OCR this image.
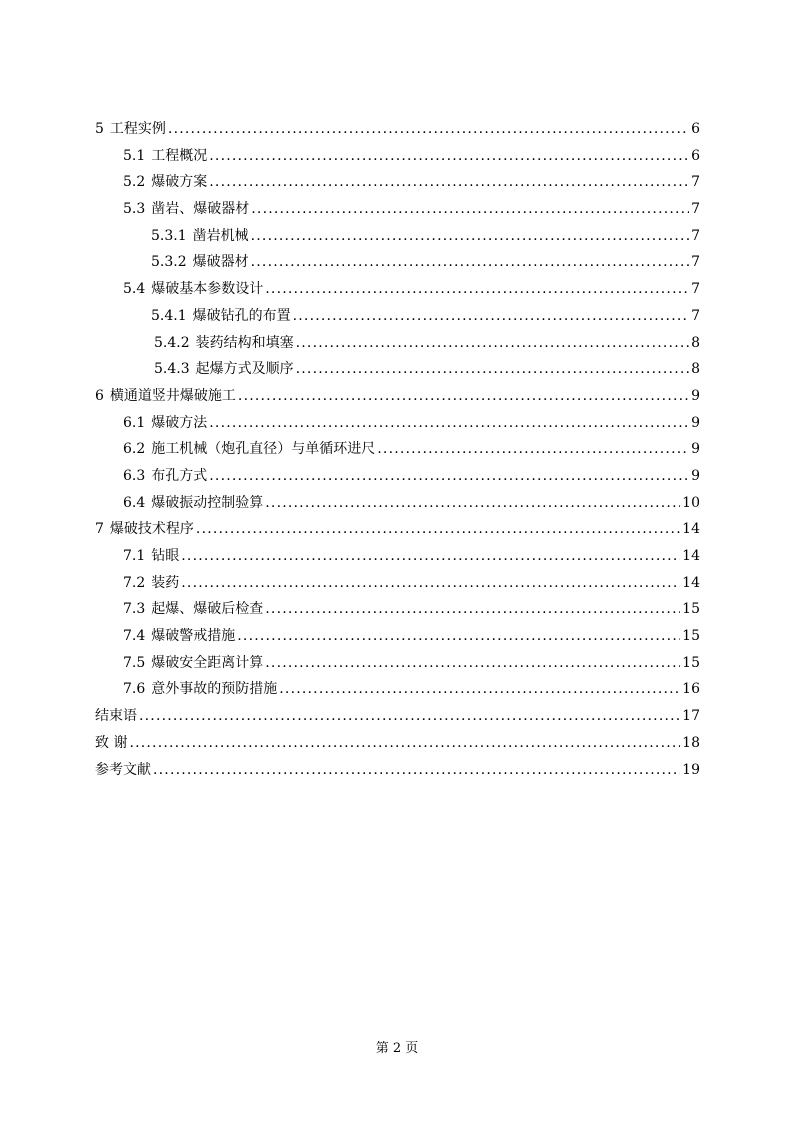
5 工程实例 .....	6
5.1 工程概况 .....	6
5.2 爆破方案 .....	7
5.3 凿岩、爆破器材 .....	7
5.3.1 凿岩机械 .....	7
5.3.2 爆破器材 .....	7
5.4 爆破基本参数设计 .....	7
5.4.1 爆破钻孔的布置 .....	7
5.4.2 装药结构和填塞 .....	8
5.4.3 起爆方式及顺序 .....	8
6 横通道竖井爆破施工 .....	9
6.1 爆破方法 .....	9
6.2 施工机械（炮孔直径）与单循环进尺 .....	9
6.3 布孔方式 .....	9
6.4 爆破振动控制验算 .....	10
7 爆破技术程序 .....	14
7.1 钻眼 .....	14
7.2 装药 .....	14
7.3 起爆、爆破后检查 .....	15
7.4 爆破警戒措施 .....	15
7.5 爆破安全距离计算 .....	15
7.6 意外事故的预防措施 .....	16
结束语 .....	17
致 谢 .....	18
参考文献 .....	19
第 2 页
